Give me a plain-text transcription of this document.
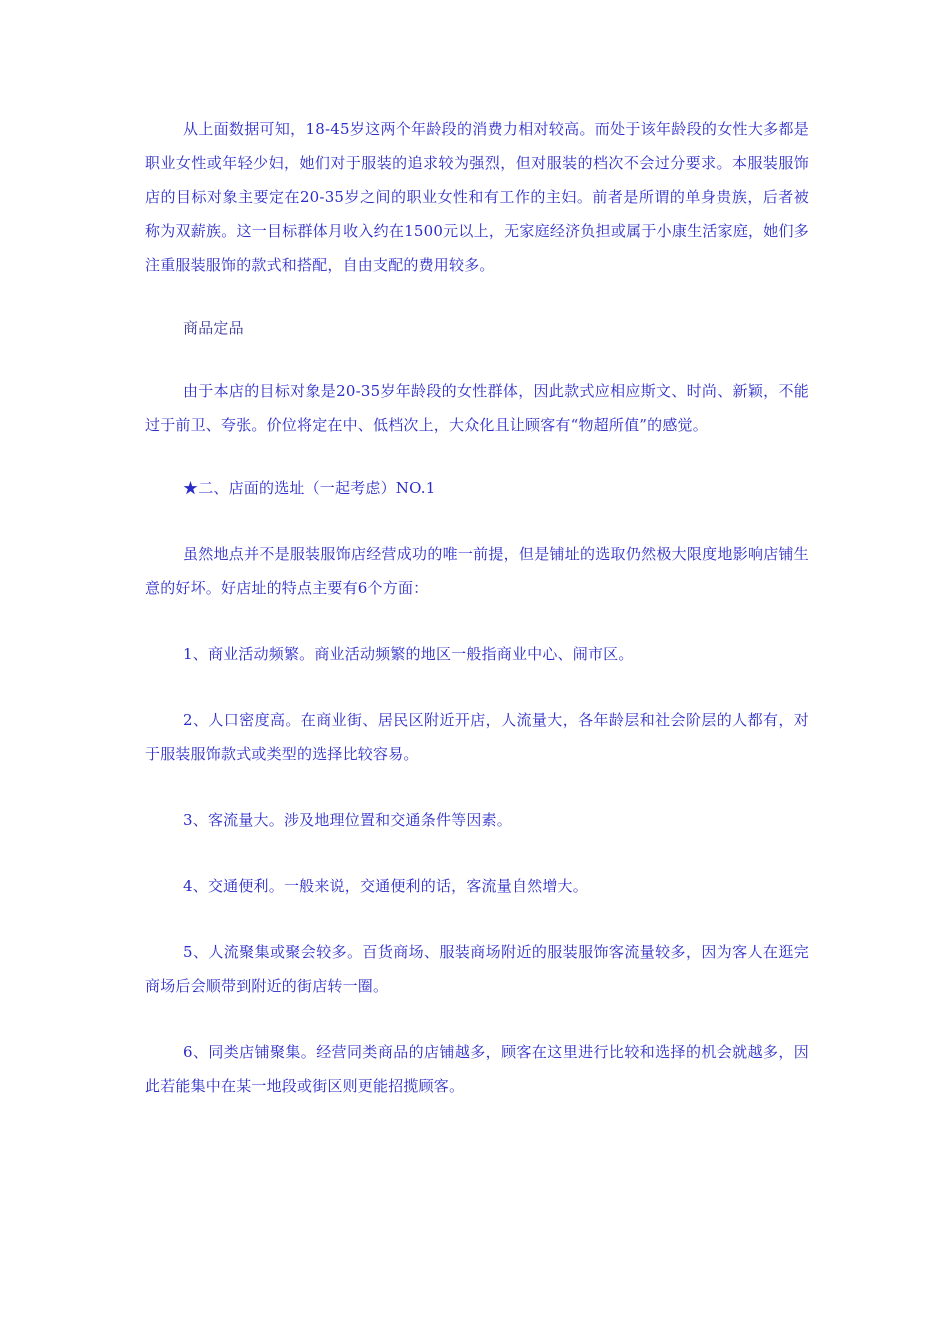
从上面数据可知，18-45岁这两个年龄段的消费力相对较高。而处于该年龄段的女性大多都是职业女性或年轻少妇，她们对于服装的追求较为强烈，但对服装的档次不会过分要求。本服装服饰店的目标对象主要定在20-35岁之间的职业女性和有工作的主妇。前者是所谓的单身贵族，后者被称为双薪族。这一目标群体月收入约在1500元以上，无家庭经济负担或属于小康生活家庭，她们多注重服装服饰的款式和搭配，自由支配的费用较多。

商品定品

由于本店的目标对象是20-35岁年龄段的女性群体，因此款式应相应斯文、时尚、新颖，不能过于前卫、夸张。价位将定在中、低档次上，大众化且让顾客有“物超所值”的感觉。

★二、店面的选址（一起考虑）NO.1

虽然地点并不是服装服饰店经营成功的唯一前提，但是铺址的选取仍然极大限度地影响店铺生意的好坏。好店址的特点主要有6个方面：

1、商业活动频繁。商业活动频繁的地区一般指商业中心、闹市区。

2、人口密度高。在商业街、居民区附近开店，人流量大，各年龄层和社会阶层的人都有，对于服装服饰款式或类型的选择比较容易。

3、客流量大。涉及地理位置和交通条件等因素。

4、交通便利。一般来说，交通便利的话，客流量自然增大。

5、人流聚集或聚会较多。百货商场、服装商场附近的服装服饰客流量较多，因为客人在逛完商场后会顺带到附近的街店转一圈。

6、同类店铺聚集。经营同类商品的店铺越多，顾客在这里进行比较和选择的机会就越多，因此若能集中在某一地段或街区则更能招揽顾客。
